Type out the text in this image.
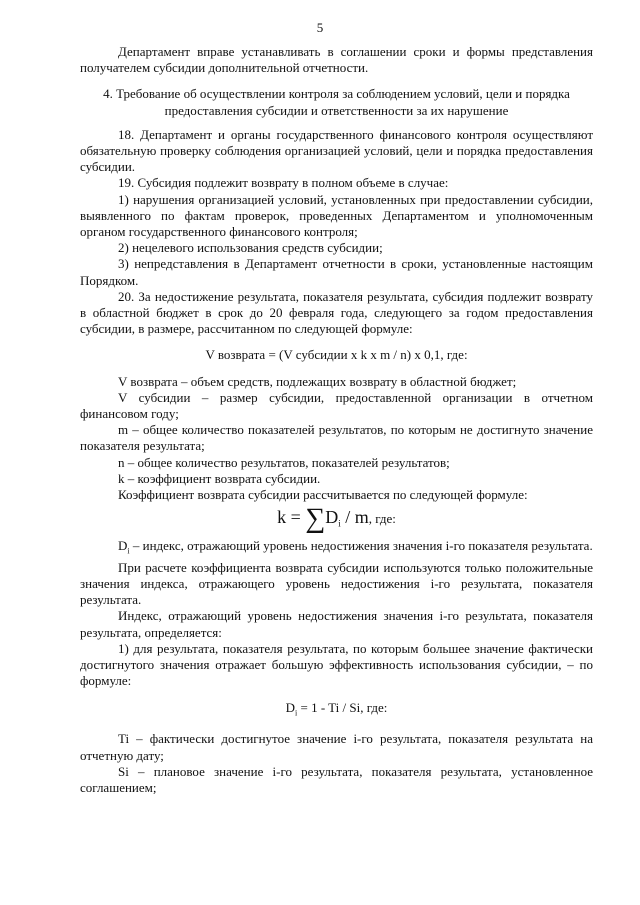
5

Департамент вправе устанавливать в соглашении сроки и формы представления получателем субсидии дополнительной отчетности.

4. Требование об осуществлении контроля за соблюдением условий, цели и порядка предоставления субсидии и ответственности за их нарушение

18. Департамент и органы государственного финансового контроля осуществляют обязательную проверку соблюдения организацией условий, цели и порядка предоставления субсидии.

19. Субсидия подлежит возврату в полном объеме в случае:

1) нарушения организацией условий, установленных при предоставлении субсидии, выявленного по фактам проверок, проведенных Департаментом и уполномоченным органом государственного финансового контроля;

2) нецелевого использования средств субсидии;

3) непредставления в Департамент отчетности в сроки, установленные настоящим Порядком.

20. За недостижение результата, показателя результата, субсидия подлежит возврату в областной бюджет в срок до 20 февраля года, следующего за годом предоставления субсидии, в размере, рассчитанном по следующей формуле:

V возврата = (V субсидии x k x m / n) x 0,1, где:

V возврата – объем средств, подлежащих возврату в областной бюджет;

V субсидии – размер субсидии, предоставленной организации в отчетном финансовом году;

m – общее количество показателей результатов, по которым не достигнуто значение показателя результата;

n – общее количество результатов, показателей результатов;

k – коэффициент возврата субсидии.

Коэффициент возврата субсидии рассчитывается по следующей формуле:

$k = \sum D_i / m$, где:

$D_i$ – индекс, отражающий уровень недостижения значения i-го показателя результата.

При расчете коэффициента возврата субсидии используются только положительные значения индекса, отражающего уровень недостижения i-го результата, показателя результата.

Индекс, отражающий уровень недостижения значения i-го результата, показателя результата, определяется:

1) для результата, показателя результата, по которым большее значение фактически достигнутого значения отражает большую эффективность использования субсидии, – по формуле:

$D_i = 1 - Ti / Si$, где:

Ti – фактически достигнутое значение i-го результата, показателя результата на отчетную дату;

Si – плановое значение i-го результата, показателя результата, установленное соглашением;
